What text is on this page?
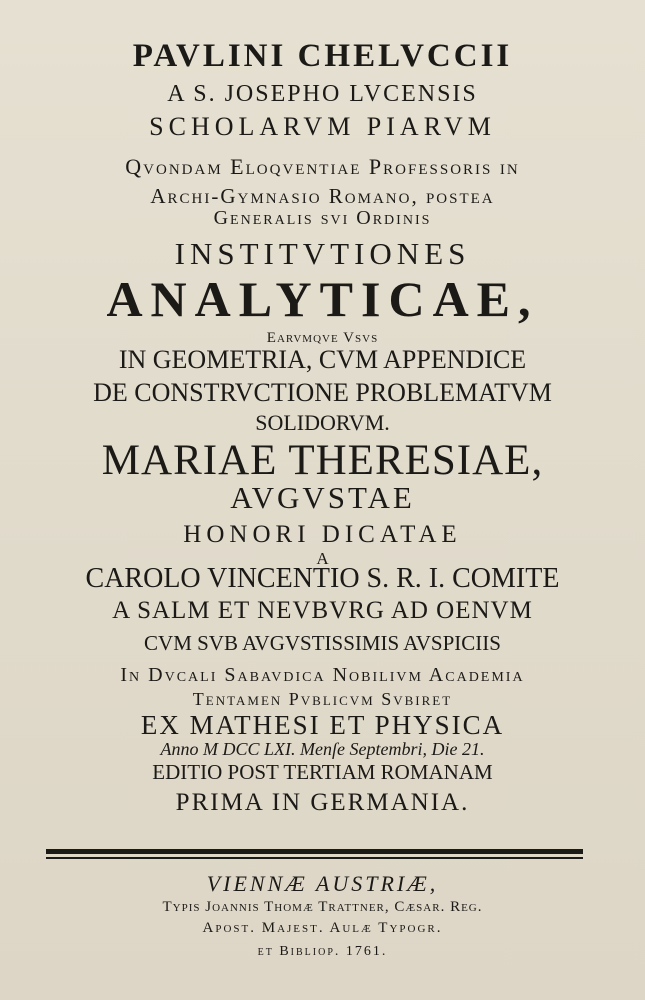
PAVLINI CHELVCCII
A S. JOSEPHO LVCENSIS
SCHOLARVM PIARVM
Qvondam Eloqventiae Professoris in
Archi-Gymnasio Romano, postea
Generalis svi Ordinis
INSTITVTIONES
ANALYTICAE,
Earvmqve Vsvs
IN GEOMETRIA, CVM APPENDICE
DE CONSTRVCTIONE PROBLEMATVM
SOLIDORVM.
MARIAE THERESIAE,
AVGVSTAE
HONORI DICATAE
A
CAROLO VINCENTIO S. R. I. COMITE
A SALM ET NEVBVRG AD OENVM
CVM SVB AVGVSTISSIMIS AVSPICIIS
In Dvcali Sabavdica Nobilivm Academia
Tentamen Pvblicvm Svbiret
EX MATHESI ET PHYSICA
Anno M DCC LXI. Menſe Septembri, Die 21.
EDITIO POST TERTIAM ROMANAM
PRIMA IN GERMANIA.
VIENNÆ AUSTRIÆ,
Typis Joannis Thomæ Trattner, Cæsar. Reg.
Apost. Majest. Aulæ Typogr.
et Bibliop. 1761.
